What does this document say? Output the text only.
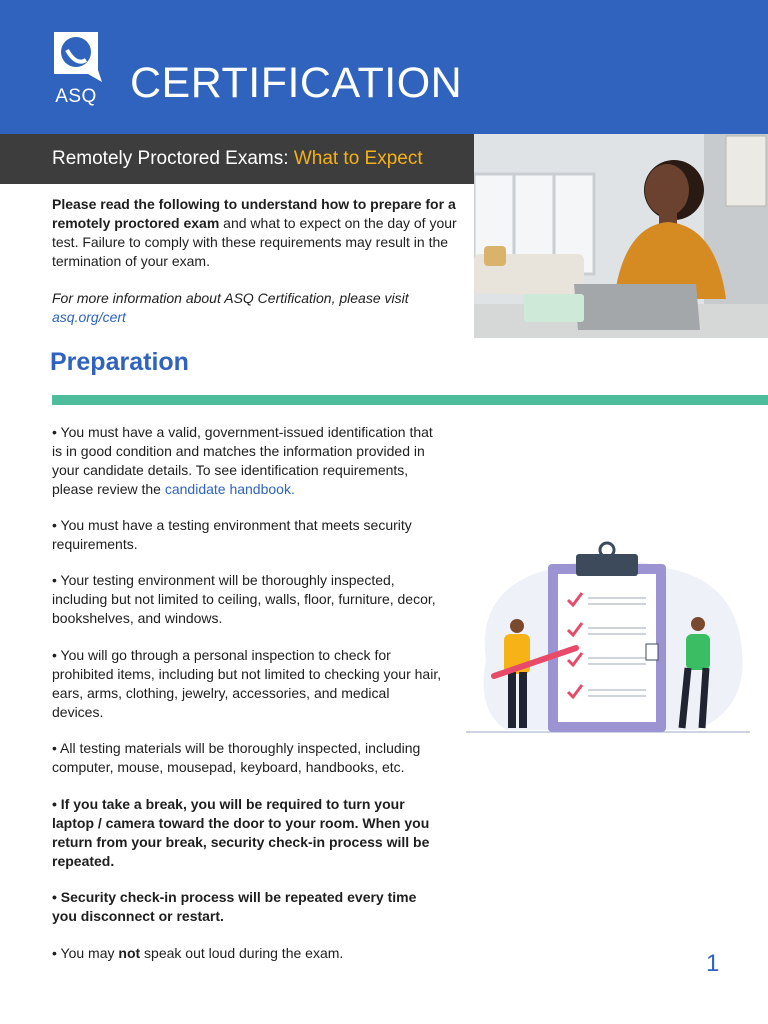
ASQ CERTIFICATION
Remotely Proctored Exams: What to Expect
Please read the following to understand how to prepare for a remotely proctored exam and what to expect on the day of your test. Failure to comply with these requirements may result in the termination of your exam.
For more information about ASQ Certification, please visit
asq.org/cert
Preparation
• You must have a valid, government-issued identification that is in good condition and matches the information provided in your candidate details. To see identification requirements, please review the candidate handbook.
• You must have a testing environment that meets security requirements.
• Your testing environment will be thoroughly inspected, including but not limited to ceiling, walls, floor, furniture, decor, bookshelves, and windows.
• You will go through a personal inspection to check for prohibited items, including but not limited to checking your hair, ears, arms, clothing, jewelry, accessories, and medical devices.
• All testing materials will be thoroughly inspected, including computer, mouse, mousepad, keyboard, handbooks, etc.
• If you take a break, you will be required to turn your laptop / camera toward the door to your room. When you return from your break, security check-in process will be repeated.
• Security check-in process will be repeated every time you disconnect or restart.
• You may not speak out loud during the exam.	1
